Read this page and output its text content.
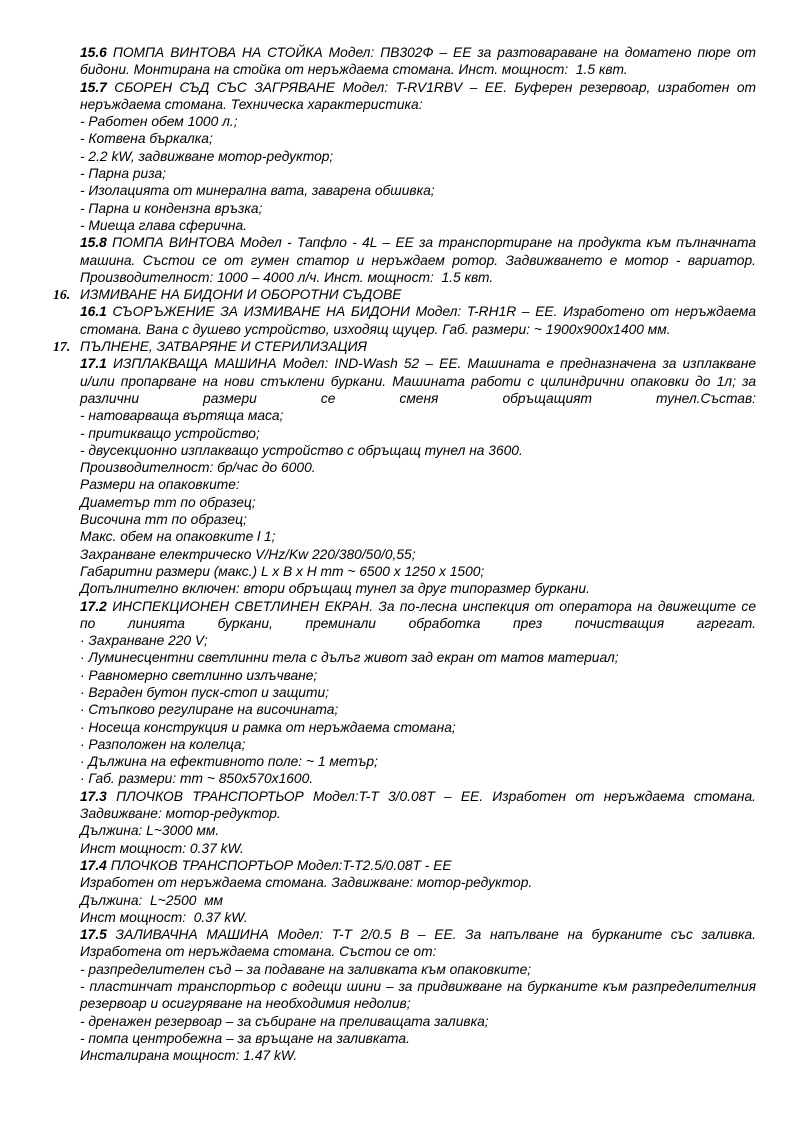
15.6 ПОМПА ВИНТОВА НА СТОЙКА Модел: ПВ302Ф – ЕЕ за разтовараване на доматено пюре от
бидони. Монтирана на стойка от неръждаема стомана. Инст. мощност:  1.5 квт.
15.7 СБОРЕН СЪД СЪС ЗАГРЯВАНЕ Модел: T-RV1RBV – ЕЕ. Буферен резервоар, изработен от
неръждаема стомана. Техническа характеристика:
- Работен обем 1000 л.;
- Котвена бъркалка;
- 2.2 kW, задвижване мотор-редуктор;
- Парна риза;
- Изолацията от минерална вата, заварена обшивка;
- Парна и кондензна връзка;
- Миеща глава сферична.
15.8 ПОМПА ВИНТОВА Модел - Тапфло - 4L – ЕЕ за транспортиране на продукта към пълначната
машина. Състои се от гумен статор и неръждаем ротор. Задвижването е мотор - вариатор.
Производителност: 1000 – 4000 л/ч. Инст. мощност:  1.5 квт.
16. ИЗМИВАНЕ НА БИДОНИ И ОБОРОТНИ СЪДОВЕ
16.1 СЪОРЪЖЕНИЕ ЗА ИЗМИВАНЕ НА БИДОНИ Модел: T-RH1R – ЕЕ. Изработено от неръждаема
стомана. Вана с душево устройство, изходящ щуцер. Габ. размери: ~ 1900х900х1400 мм.
17. ПЪЛНЕНЕ, ЗАТВАРЯНЕ И СТЕРИЛИЗАЦИЯ
17.1 ИЗПЛАКВАЩА МАШИНА Модел: IND-Wash 52 – ЕЕ. Машината е предназначена за изплакване
и/или пропарване на нови стъклени буркани. Машината работи с цилиндрични опаковки до 1л; за
различни размери се сменя обръщащият тунел.Състав:
- натоварваща въртяща маса;
- притикващо устройство;
- двусекционно изплакващо устройство с обръщащ тунел на 3600.
Производителност: бр/час до 6000.
Размери на опаковките:
Диаметър mm по образец;
Височина mm по образец;
Макс. обем на опаковките l 1;
Захранване електрическо V/Hz/Kw 220/380/50/0,55;
Габаритни размери (макс.) L х В х Н mm ~ 6500 х 1250 х 1500;
Допълнително включен: втори обръщащ тунел за друг типоразмер буркани.
17.2 ИНСПЕКЦИОНЕН СВЕТЛИНЕН ЕКРАН. За по-лесна инспекция от оператора на движещите се
по линията буркани, преминали обработка през почистващия агрегат.
· Захранване 220 V;
· Луминесцентни светлинни тела с дълъг живот зад екран от матов материал;
· Равномерно светлинно излъчване;
· Вграден бутон пуск-стоп и защити;
· Стъпково регулиране на височината;
· Носеща конструкция и рамка от неръждаема стомана;
· Разположен на колелца;
· Дължина на ефективното поле: ~ 1 метър;
· Габ. размери: mm ~ 850х570х1600.
17.3 ПЛОЧКОВ ТРАНСПОРТЬОР Модел:T-T 3/0.08T – ЕЕ. Изработен от неръждаема стомана.
Задвижване: мотор-редуктор.
Дължина: L~3000 мм.
Инст мощност: 0.37 kW.
17.4 ПЛОЧКОВ ТРАНСПОРТЬОР Модел:T-T2.5/0.08T - ЕЕ
Изработен от неръждаема стомана. Задвижване: мотор-редуктор.
Дължина:  L~2500  мм
Инст мощност:  0.37 kW.
17.5 ЗАЛИВАЧНА МАШИНА Модел: T-T 2/0.5 В – ЕЕ. За напълване на бурканите със заливка.
Изработена от неръждаема стомана. Състои се от:
- разпределителен съд – за подаване на заливката към опаковките;
- пластинчат транспортьор с водещи шини – за придвижване на бурканите към разпределителния
резервоар и осигуряване на необходимия недолив;
- дренажен резервоар – за събиране на преливащата заливка;
- помпа центробежна – за връщане на заливката.
Инсталирана мощност: 1.47 kW.
